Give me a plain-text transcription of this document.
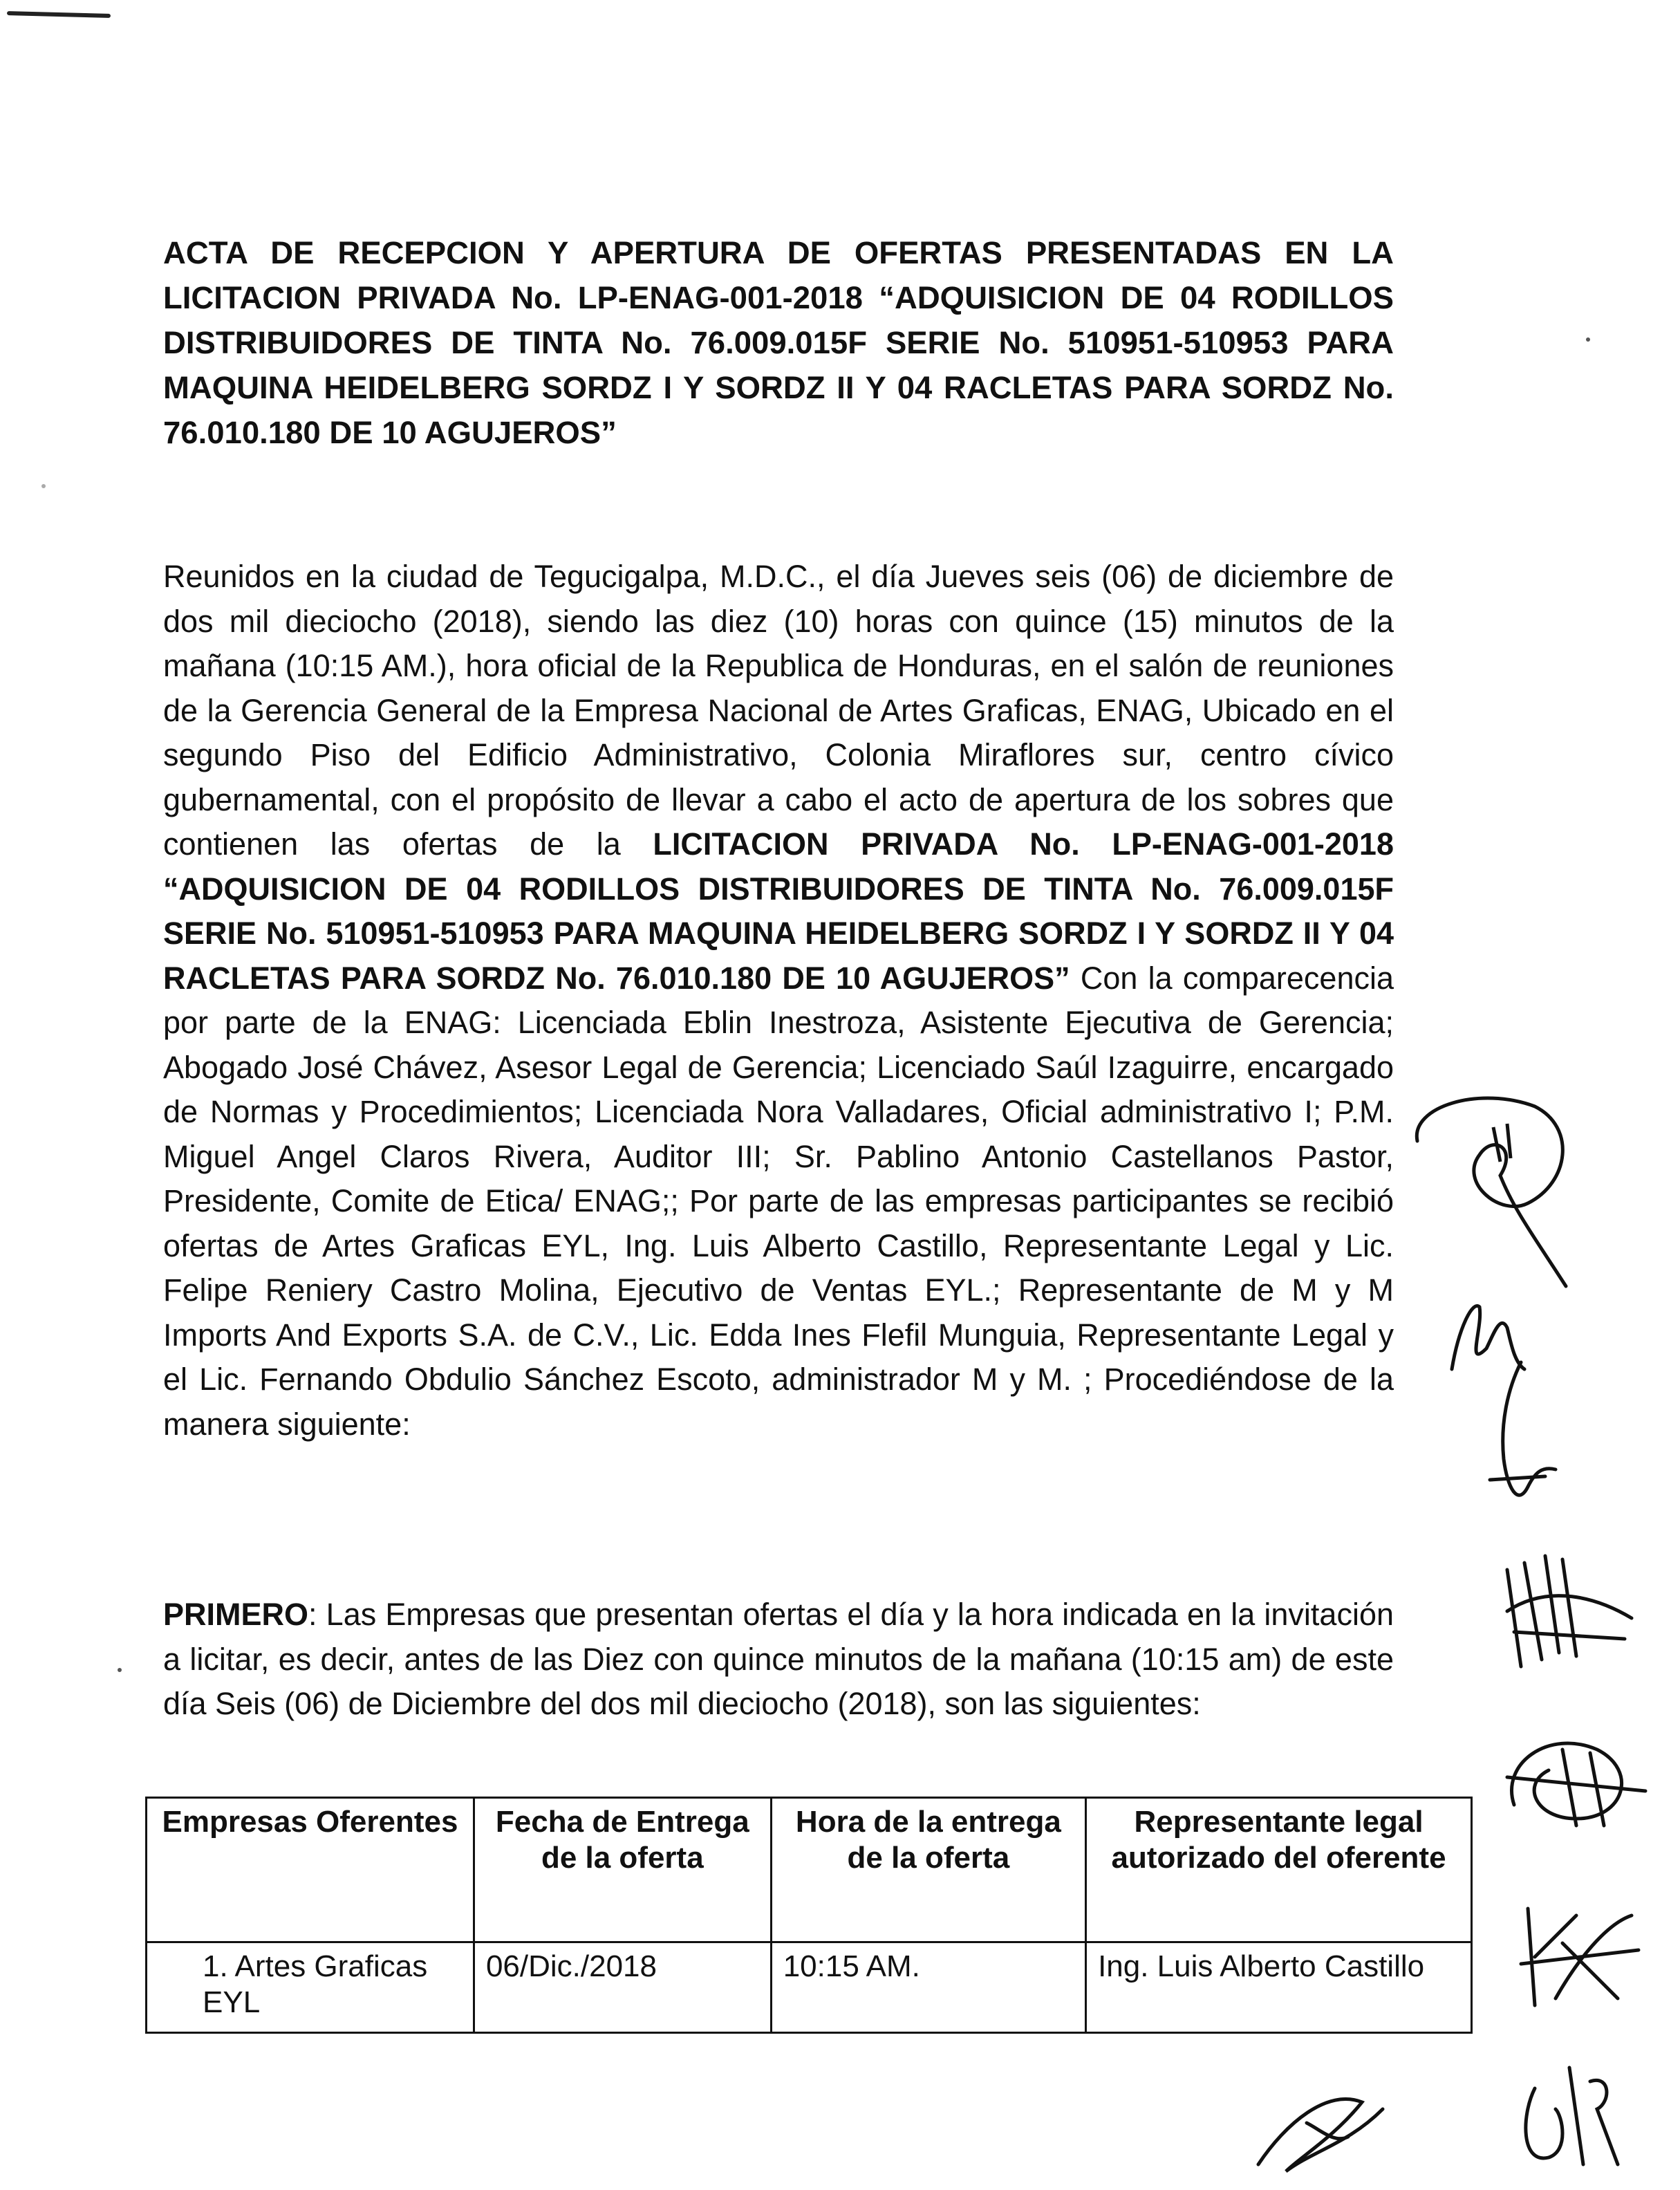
ACTA DE RECEPCION Y APERTURA DE OFERTAS PRESENTADAS EN LA LICITACION PRIVADA No. LP-ENAG-001-2018 “ADQUISICION DE 04 RODILLOS DISTRIBUIDORES DE TINTA No. 76.009.015F SERIE No. 510951-510953 PARA MAQUINA HEIDELBERG SORDZ I Y SORDZ II Y 04 RACLETAS PARA SORDZ No. 76.010.180 DE 10 AGUJEROS”

Reunidos en la ciudad de Tegucigalpa, M.D.C., el día Jueves seis (06) de diciembre de dos mil dieciocho (2018), siendo las diez (10) horas con quince (15) minutos de la mañana (10:15 AM.), hora oficial de la Republica de Honduras, en el salón de reuniones de la Gerencia General de la Empresa Nacional de Artes Graficas, ENAG, Ubicado en el segundo Piso del Edificio Administrativo, Colonia Miraflores sur, centro cívico gubernamental, con el propósito de llevar a cabo el acto de apertura de los sobres que contienen las ofertas de la LICITACION PRIVADA No. LP-ENAG-001-2018 “ADQUISICION DE 04 RODILLOS DISTRIBUIDORES DE TINTA No. 76.009.015F SERIE No. 510951-510953 PARA MAQUINA HEIDELBERG SORDZ I Y SORDZ II Y 04 RACLETAS PARA SORDZ No. 76.010.180 DE 10 AGUJEROS” Con la comparecencia por parte de la ENAG: Licenciada Eblin Inestroza, Asistente Ejecutiva de Gerencia; Abogado José Chávez, Asesor Legal de Gerencia; Licenciado Saúl Izaguirre, encargado de Normas y Procedimientos; Licenciada Nora Valladares, Oficial administrativo I; P.M. Miguel Angel Claros Rivera, Auditor III; Sr. Pablino Antonio Castellanos Pastor, Presidente, Comite de Etica/ ENAG;; Por parte de las empresas participantes se recibió ofertas de Artes Graficas EYL, Ing. Luis Alberto Castillo, Representante Legal y Lic. Felipe Reniery Castro Molina, Ejecutivo de Ventas EYL.; Representante de M y M Imports And Exports S.A. de C.V., Lic. Edda Ines Flefil Munguia, Representante Legal y el Lic. Fernando Obdulio Sánchez Escoto, administrador M y M. ; Procediéndose de la manera siguiente:

PRIMERO: Las Empresas que presentan ofertas el día y la hora indicada en la invitación a licitar, es decir, antes de las Diez con quince minutos de la mañana (10:15 am) de este día Seis (06) de Diciembre del dos mil dieciocho (2018), son las siguientes:

Empresas Oferentes	Fecha de Entrega de la oferta	Hora de la entrega de la oferta	Representante legal autorizado del oferente
1. Artes Graficas EYL	06/Dic./2018	10:15 AM.	Ing. Luis Alberto Castillo
